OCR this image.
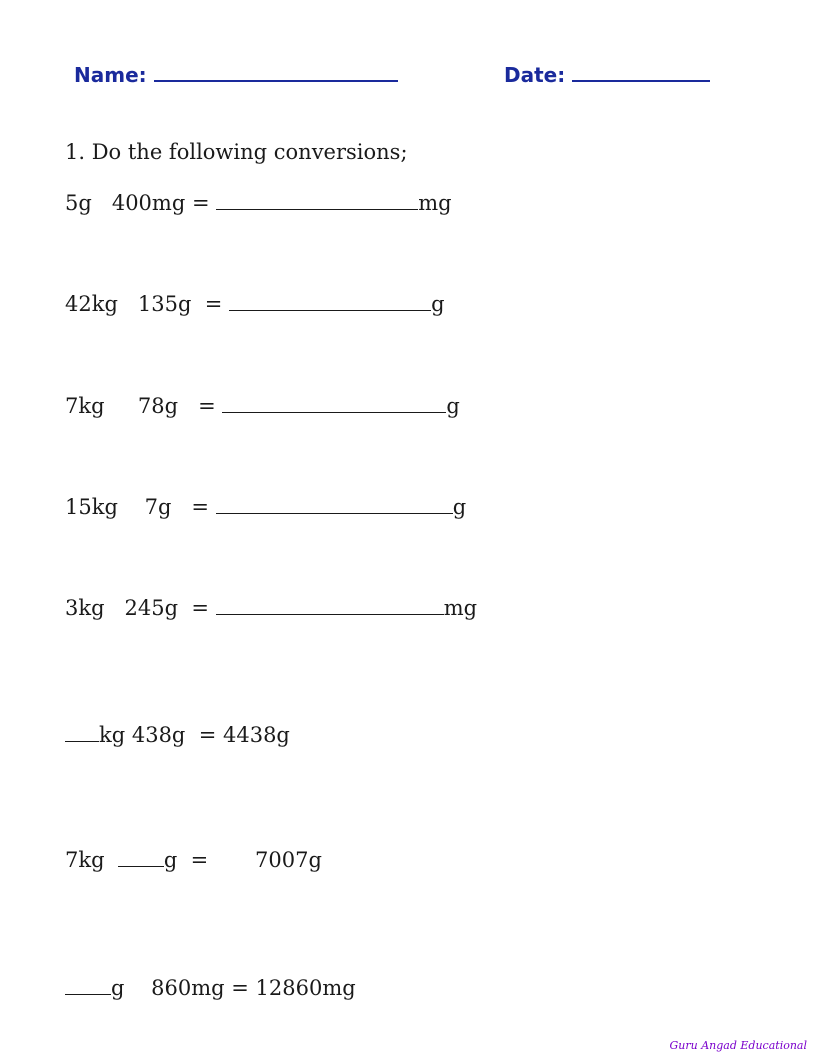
Name:	Date:
1. Do the following conversions;
5g   400mg =	mg
42kg   135g  =	g
7kg     78g   =	g
15kg    7g   =	g
3kg   245g  =	mg
kg 438g  = 4438g
7kg  g  =       7007g
g    860mg = 12860mg
Guru Angad Educational
